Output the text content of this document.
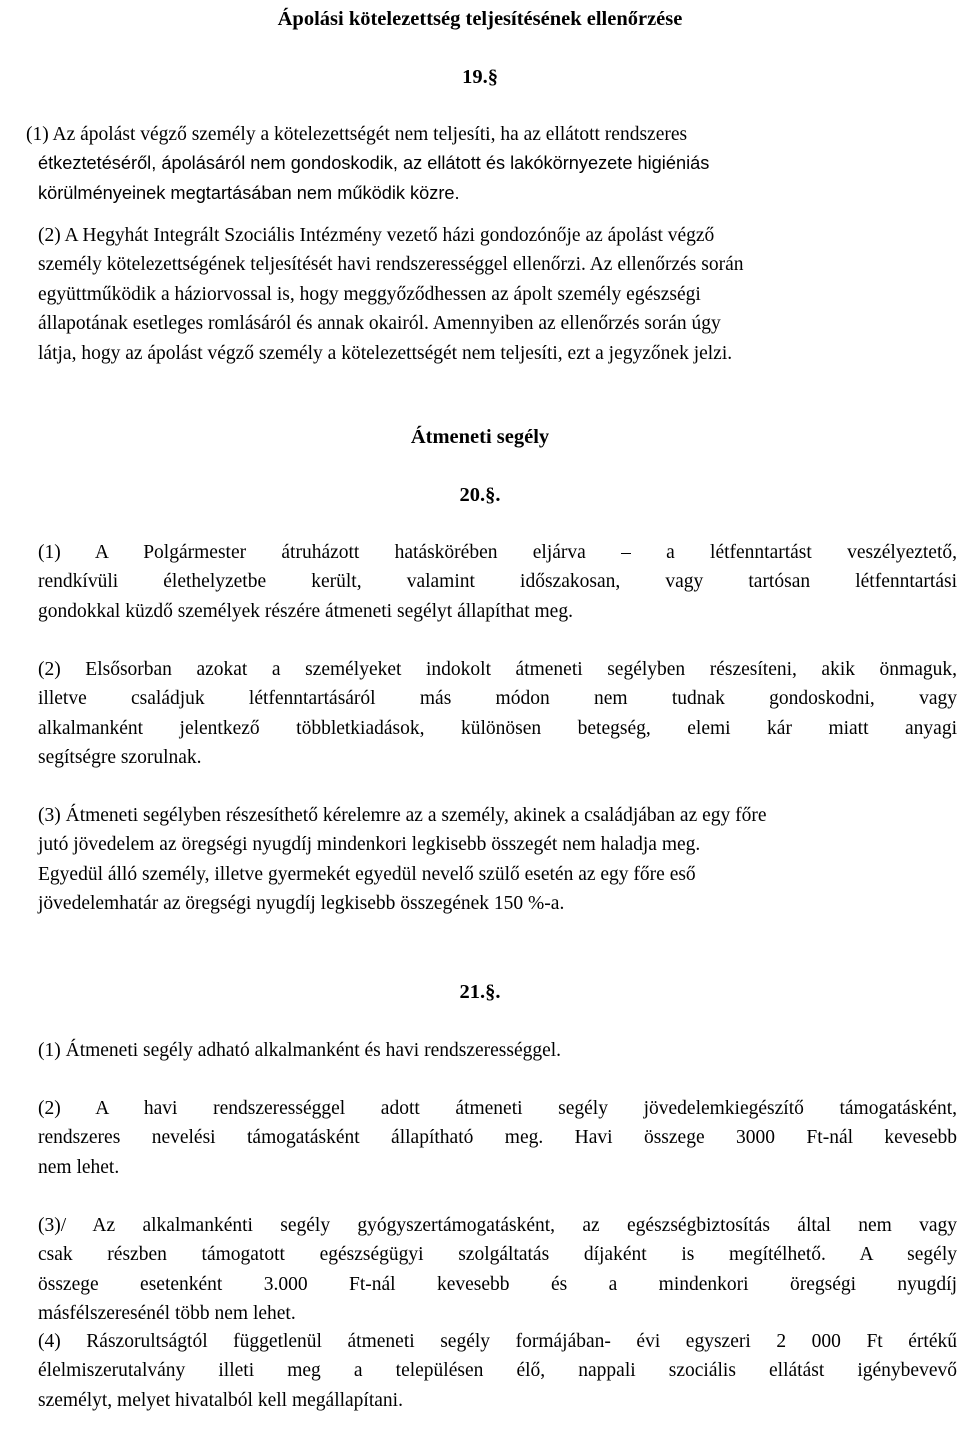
Ápolási kötelezettség teljesítésének ellenőrzése
19.§
(1) Az ápolást végző személy a kötelezettségét nem teljesíti, ha az ellátott rendszeres
étkeztetéséről, ápolásáról nem gondoskodik, az ellátott és lakókörnyezete higiéniás
körülményeinek megtartásában nem működik közre.
(2) A Hegyhát Integrált Szociális Intézmény vezető házi gondozónője az ápolást végző
személy kötelezettségének teljesítését havi rendszerességgel ellenőrzi. Az ellenőrzés során
együttműködik a háziorvossal is, hogy meggyőződhessen az ápolt személy egészségi
állapotának esetleges romlásáról és annak okairól. Amennyiben az ellenőrzés során úgy
látja, hogy az ápolást végző személy a kötelezettségét nem teljesíti, ezt a jegyzőnek jelzi.
Átmeneti segély
20.§.
(1) A Polgármester átruházott hatáskörében eljárva – a létfenntartást veszélyeztető,
rendkívüli élethelyzetbe került, valamint időszakosan, vagy tartósan létfenntartási
gondokkal küzdő személyek részére átmeneti segélyt állapíthat meg.
(2) Elsősorban azokat a személyeket indokolt átmeneti segélyben részesíteni, akik önmaguk,
illetve családjuk létfenntartásáról más módon nem tudnak gondoskodni, vagy
alkalmanként jelentkező többletkiadások, különösen betegség, elemi kár miatt anyagi
segítségre szorulnak.
(3) Átmeneti segélyben részesíthető kérelemre az a személy, akinek a családjában az egy főre
jutó jövedelem az öregségi nyugdíj mindenkori legkisebb összegét nem haladja meg.
Egyedül álló személy, illetve gyermekét egyedül nevelő szülő esetén az egy főre eső
jövedelemhatár az öregségi nyugdíj legkisebb összegének 150 %-a.
21.§.
(1) Átmeneti segély adható alkalmanként és havi rendszerességgel.
(2) A havi rendszerességgel adott átmeneti segély jövedelemkiegészítő támogatásként,
rendszeres nevelési támogatásként állapítható meg. Havi összege 3000 Ft-nál kevesebb
nem lehet.
(3)/ Az alkalmankénti segély gyógyszertámogatásként, az egészségbiztosítás által nem vagy
csak részben támogatott egészségügyi szolgáltatás díjaként is megítélhető. A segély
összege esetenként 3.000 Ft-nál kevesebb és a mindenkori öregségi nyugdíj
másfélszeresénél több nem lehet.
(4) Rászorultságtól függetlenül átmeneti segély formájában- évi egyszeri 2 000 Ft értékű
élelmiszerutalvány illeti meg a településen élő, nappali szociális ellátást igénybevevő
személyt, melyet hivatalból kell megállapítani.
